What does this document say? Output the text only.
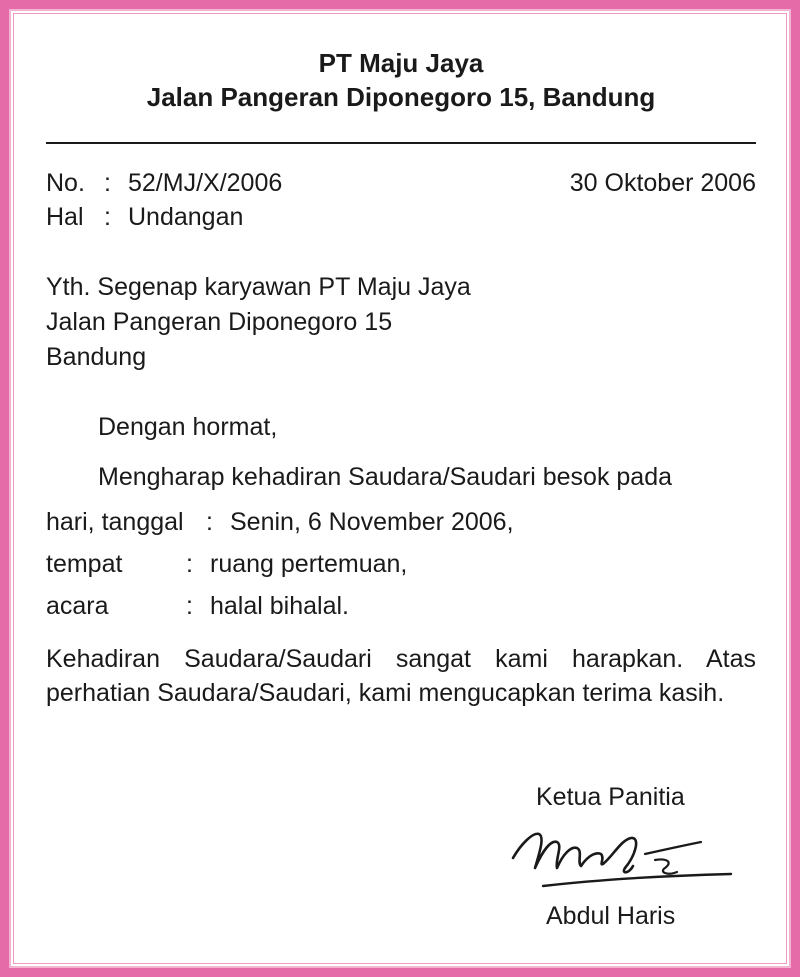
PT Maju Jaya
Jalan Pangeran Diponegoro 15, Bandung
No. : 52/MJ/X/2006	30 Oktober 2006
Hal : Undangan
Yth. Segenap karyawan PT Maju Jaya
Jalan Pangeran Diponegoro 15
Bandung
Dengan hormat,
Mengharap kehadiran Saudara/Saudari besok pada
hari, tanggal : Senin, 6 November 2006,
tempat	: ruang pertemuan,
acara	: halal bihalal.
Kehadiran Saudara/Saudari sangat kami harapkan. Atas perhatian Saudara/Saudari, kami mengucapkan terima kasih.
Ketua Panitia
Abdul Haris
